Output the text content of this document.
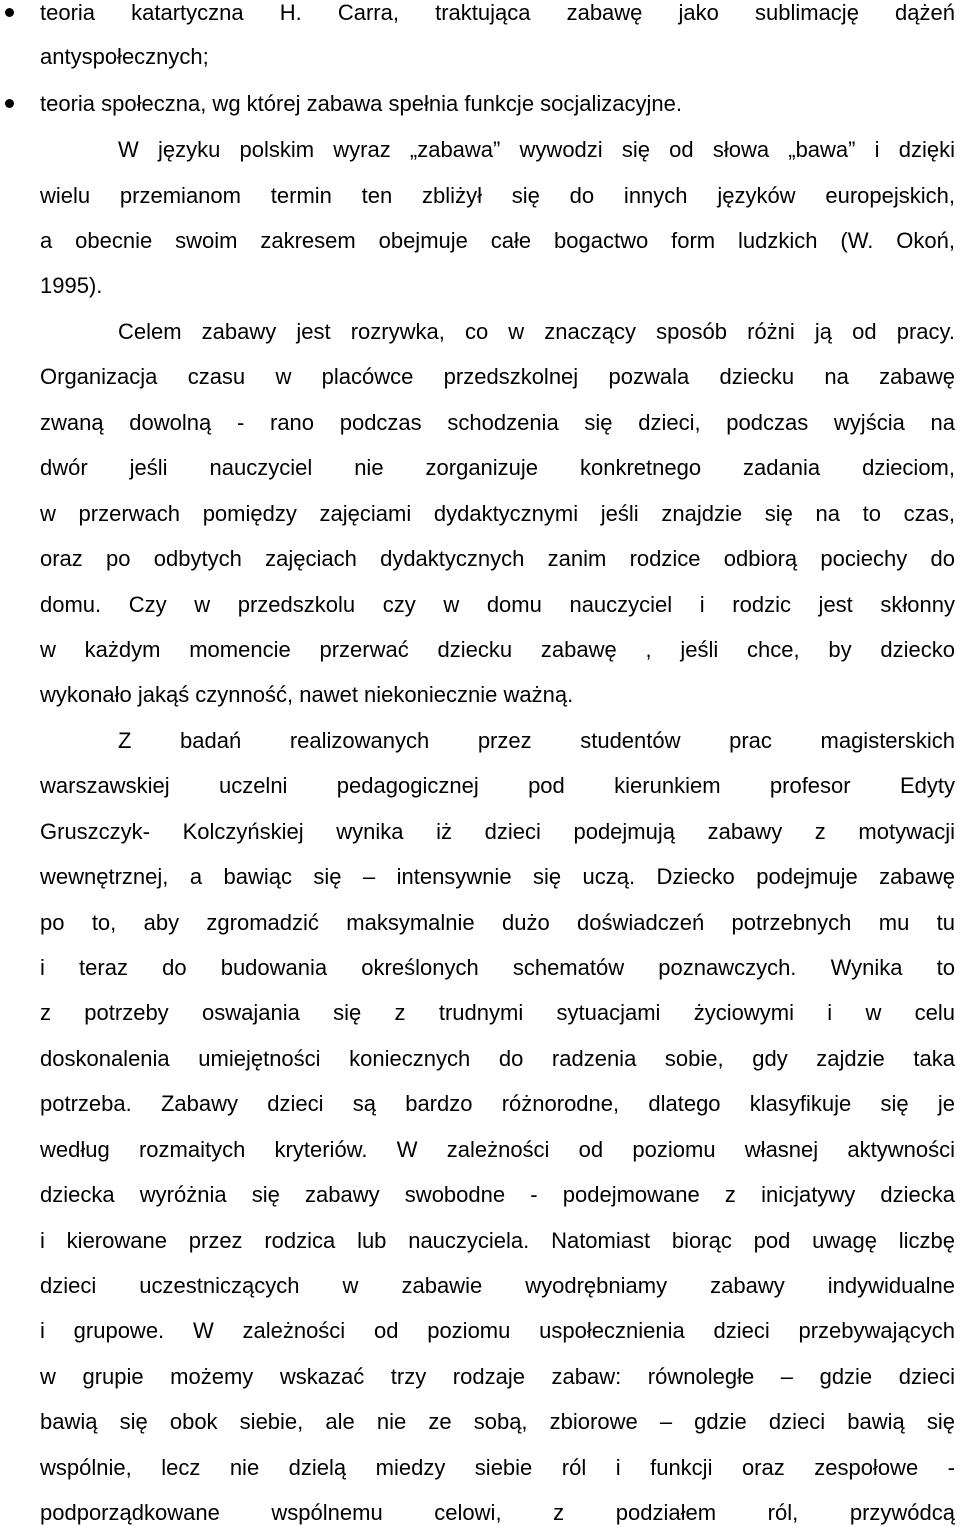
teoria katartyczna H. Carra, traktująca zabawę jako sublimację dążeń
antyspołecznych;
teoria społeczna, wg której zabawa spełnia funkcje socjalizacyjne.
W języku polskim wyraz „zabawa” wywodzi się od słowa „bawa” i dzięki
wielu przemianom termin ten zbliżył się do innych języków europejskich,
a obecnie swoim zakresem obejmuje całe bogactwo form ludzkich (W. Okoń,
1995).
Celem zabawy jest rozrywka, co w znaczący sposób różni ją od pracy.
Organizacja czasu w placówce przedszkolnej pozwala dziecku na zabawę
zwaną dowolną - rano podczas schodzenia się dzieci, podczas wyjścia na
dwór jeśli nauczyciel nie zorganizuje konkretnego zadania dzieciom,
w przerwach pomiędzy zajęciami dydaktycznymi jeśli znajdzie się na to czas,
oraz po odbytych zajęciach dydaktycznych zanim rodzice odbiorą pociechy do
domu. Czy w przedszkolu czy w domu nauczyciel i rodzic jest skłonny
w każdym momencie przerwać dziecku zabawę , jeśli chce, by dziecko
wykonało jakąś czynność, nawet niekoniecznie ważną.
Z badań realizowanych przez studentów prac magisterskich
warszawskiej uczelni pedagogicznej pod kierunkiem profesor Edyty
Gruszczyk- Kolczyńskiej wynika iż dzieci podejmują zabawy z motywacji
wewnętrznej, a bawiąc się – intensywnie się uczą. Dziecko podejmuje zabawę
po to, aby zgromadzić maksymalnie dużo doświadczeń potrzebnych mu tu
i teraz do budowania określonych schematów poznawczych. Wynika to
z potrzeby oswajania się z trudnymi sytuacjami życiowymi i w celu
doskonalenia umiejętności koniecznych do radzenia sobie, gdy zajdzie taka
potrzeba. Zabawy dzieci są bardzo różnorodne, dlatego klasyfikuje się je
według rozmaitych kryteriów. W zależności od poziomu własnej aktywności
dziecka wyróżnia się zabawy swobodne - podejmowane z inicjatywy dziecka
i kierowane przez rodzica lub nauczyciela. Natomiast biorąc pod uwagę liczbę
dzieci uczestniczących w zabawie wyodrębniamy zabawy indywidualne
i grupowe. W zależności od poziomu uspołecznienia dzieci przebywających
w grupie możemy wskazać trzy rodzaje zabaw: równoległe – gdzie dzieci
bawią się obok siebie, ale nie ze sobą, zbiorowe – gdzie dzieci bawią się
wspólnie, lecz nie dzielą miedzy siebie ról i funkcji oraz zespołowe -
podporządkowane wspólnemu celowi, z podziałem ról, przywódcą
